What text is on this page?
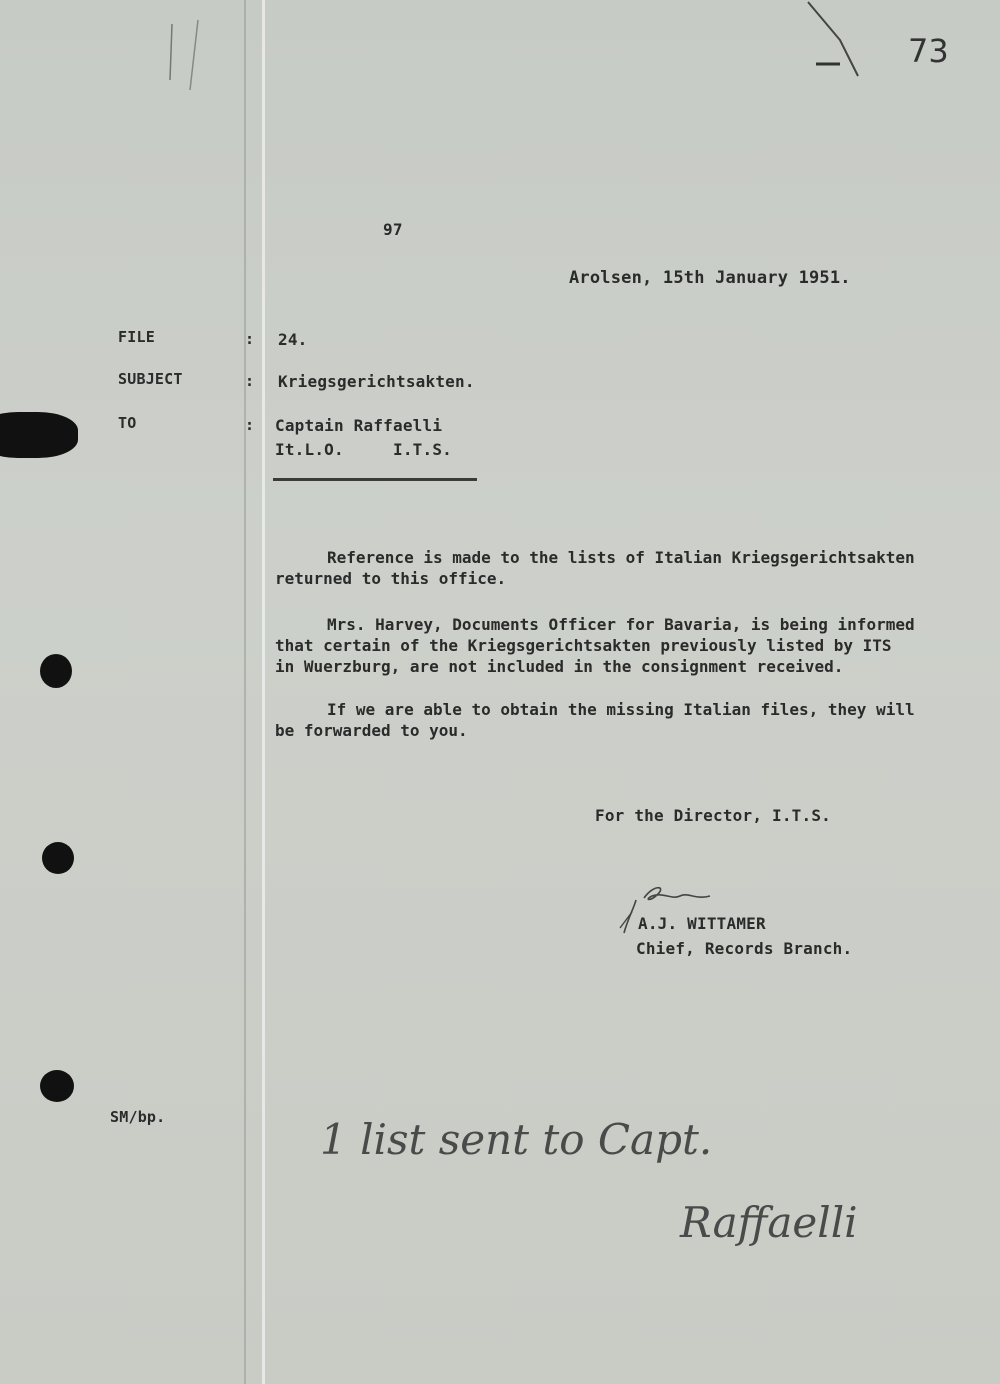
73
97
Arolsen, 15th January 1951.
FILE	: 24.
SUBJECT	: Kriegsgerichtsakten.
TO	: Captain Raffaelli
It.L.O.     I.T.S.
Reference is made to the lists of Italian Kriegsgerichtsakten
returned to this office.
Mrs. Harvey, Documents Officer for Bavaria, is being informed
that certain of the Kriegsgerichtsakten previously listed by ITS
in Wuerzburg, are not included in the consignment received.
If we are able to obtain the missing Italian files, they will
be forwarded to you.
For the Director, I.T.S.
A.J. WITTAMER
Chief, Records Branch.
SM/bp.	1 list sent to Capt.
Raffaelli
